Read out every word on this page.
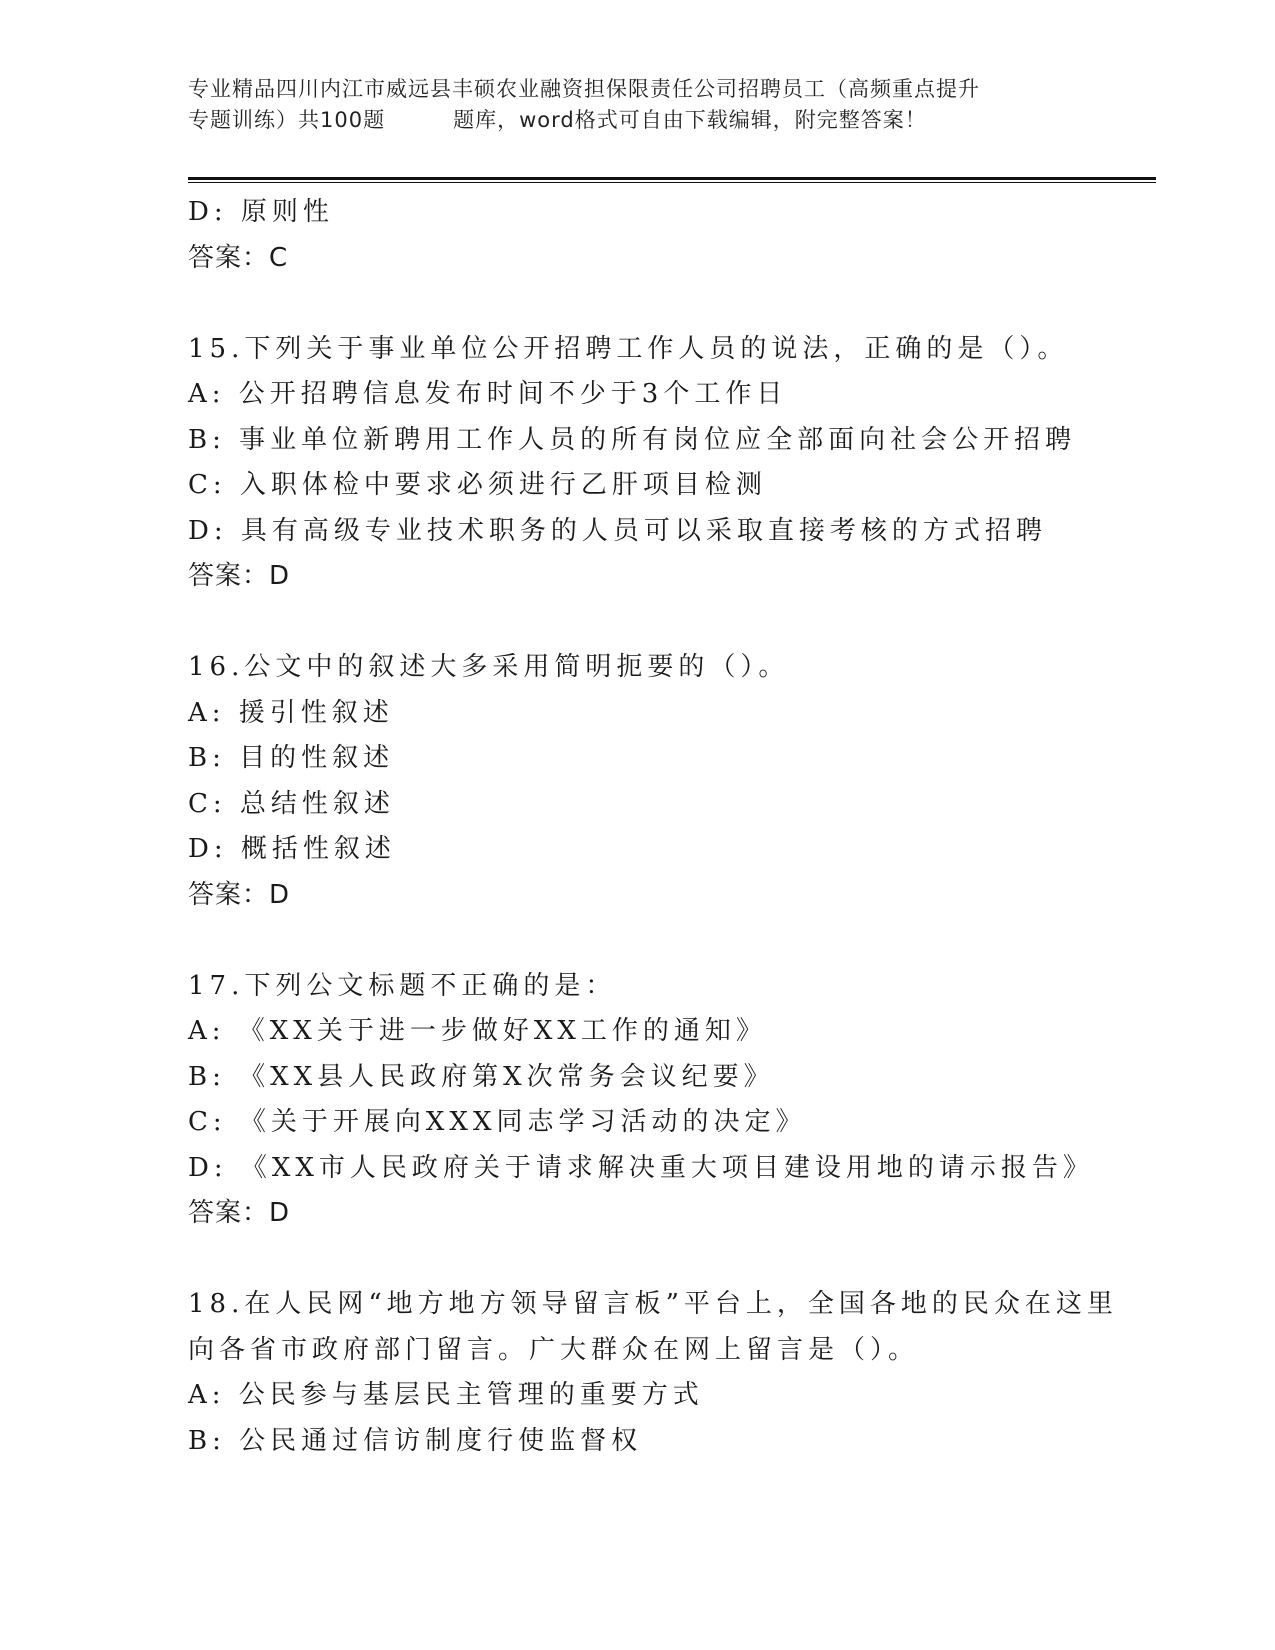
专业精品四川内江市威远县丰硕农业融资担保限责任公司招聘员工（高频重点提升
专题训练）共100题	题库，word格式可自由下载编辑，附完整答案！
D: 原则性
答案：C
15.下列关于事业单位公开招聘工作人员的说法，正确的是（）。
A: 公开招聘信息发布时间不少于3个工作日
B: 事业单位新聘用工作人员的所有岗位应全部面向社会公开招聘
C: 入职体检中要求必须进行乙肝项目检测
D: 具有高级专业技术职务的人员可以采取直接考核的方式招聘
答案：D
16.公文中的叙述大多采用简明扼要的（）。
A: 援引性叙述
B: 目的性叙述
C: 总结性叙述
D: 概括性叙述
答案：D
17.下列公文标题不正确的是：
A: 《XX关于进一步做好XX工作的通知》
B: 《XX县人民政府第X次常务会议纪要》
C: 《关于开展向XXX同志学习活动的决定》
D: 《XX市人民政府关于请求解决重大项目建设用地的请示报告》
答案：D
18.在人民网“地方地方领导留言板”平台上，全国各地的民众在这里
向各省市政府部门留言。广大群众在网上留言是（）。
A: 公民参与基层民主管理的重要方式
B: 公民通过信访制度行使监督权
